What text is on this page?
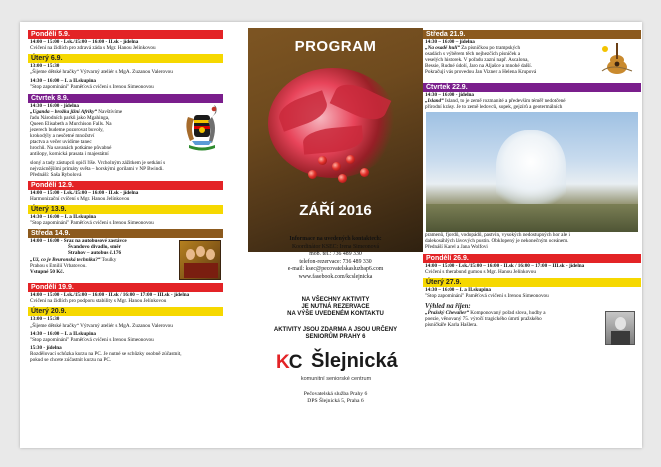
Pondělí 5.9.
14:00 – 15:00 - Lsk./15:00 – 16:00 - II.sk - jídelna
Cvičení na židlích pro zdravá záda s Mgr. Hanou Jelínkovou
Úterý 6.9.
13:00 – 15:30
„Šijeme dětské hračky“ Výtvarný ateliér s MgA. Zuzanou Valerovou
14:30 – 16:00 – I. a II.skupina
"Stop zapomínání" Paměťová cvičení s Irenou Simeonovou
Čtvrtek 8.9.
14:30 – 16:00 - jídelna
„Uganda – brožka jižní Afriky“ Navštívíme
řadu Národních parků jako Mgahinga,
Queen Elisabeth a Murchison Falls. Na
jezerech budeme pozorovat buvoly,
krokodýly a nesčetné množství
ptactva a večer uvidíme tanec
hrochů. Na savanách potkáme půvabné
antilopy, kornická prasata i majestátní
sloný a tady zástupců opičí říše. Vrcholným zážitkem je setkání s
nejvzácnějšími primáty světa – horskými gorilami v NP Bwindi.
Přednáší: Saša Rybolová
Pondělí 12.9.
14:00 – 15:00 - Lsk./15:00 – 16:00 - II.sk - jídelna
Harmonizační cvičení s Mgr. Hanou Jelínkovou
Úterý 13.9.
14:30 – 16:00 – I. a II.skupina
"Stop zapomínání" Paměťová cvičení s Irenou Simeonovou
Středa 14.9.
14:00 – 16:00 - Sraz na autobusové zastávce
Švandovo divadlo, směr
Strahov – autobus č.176
„Už, co je Beuronská technika?“ Toulky
Prahou s Emilií Vrbatovou.
Vstupné 50 Kč.
Pondělí 19.9.
14:00 – 15:00 - Lsk./15:00 – 16:00 - II.sk / 16:00 – 17:00 – III.sk - jídelna
Cvičení na židlích pro podporu stability s Mgr. Hanou Jelínkovou
Úterý 20.9.
13:00 – 15:30
„Šijeme dětské hračky“ Výtvarný ateliér s MgA. Zuzanou Valerovou
14:30 – 16:00 – I. a II.skupina
"Stop zapomínání" Paměťová cvičení s Irenou Simeonovou
15:30 - jídelna
Rozdělovací schůzka kurzu na PC. Je nutné se schůzky osobně zúčastnit,
pokud se chcete zúčastnit kurzu na PC.
PROGRAM
ZÁŘÍ 2016
Informace na uvedených kontaktech:
Koordinátor KSEC: Irena Simeonová
mob. tel.: 736 489 330
telefon-rezervace: 736 489 330
e-mail: ksec@pecovatelskasluzbap6.com
www.fasebook.com/kcslejnicka
NA VŠECHNY AKTIVITY
JE NUTNÁ REZERVACE
NA VÝŠE UVEDENÉM KONTAKTU
AKTIVITY JSOU ZDARMA A JSOU URČENY
SENIORŮM PRAHY 6
KC Šlejnická
komunitní seniorské centrum
Pečovatelská služba Prahy 6
DPS Šlejnická 5, Praha 6
Středa 21.9.
14:30 – 16:00 – jídelna
„Na osadě hulí“ Za písničkou po trampských
osadách s výběrem těch nejhezčích písniček a
veselých historek. V pořadu zazní např. Ascalona,
Bessie, Rudné údolí, Jaro na Aljašce a mnohé další.
Pokračují vás provedou Jan Vizner a Helena Krupová
Čtvrtek 22.9.
14:30 – 16:00 - jídelna
„Island“ Island, to je země rozmanité a především téměř nedotčené
přírodní krásy. Je to země ledovců, sopek, gejzírů a geotermálních
pramenů, fjordů, vodopádů, pastvin, vysokých nedostupných hor ale i
dalekosáhlých lávových pustin. Obklopený je nekonečným oceánem.
Přednáší Karel a Jana Wolfovi
Pondělí 26.9.
14:00 – 15:00 - Lsk./15:00 – 16:00 - II.sk / 16:00 – 17:00 – III.sk - jídelna
Cvičení s therabund gumou s Mgr. Hanou Jelínkovou
Úterý 27.9.
14:30 – 16:00 – I. a II.skupina
"Stop zapomínání" Paměťová cvičení s Irenou Simeonovou
Výhled na říjen:
„Pražský Chevalier“ Komponovaný pořad slova, hudby a
poezie, věnovaný 75. výročí tragického úmrtí pražského
písničkáře Karla Hašlera.
